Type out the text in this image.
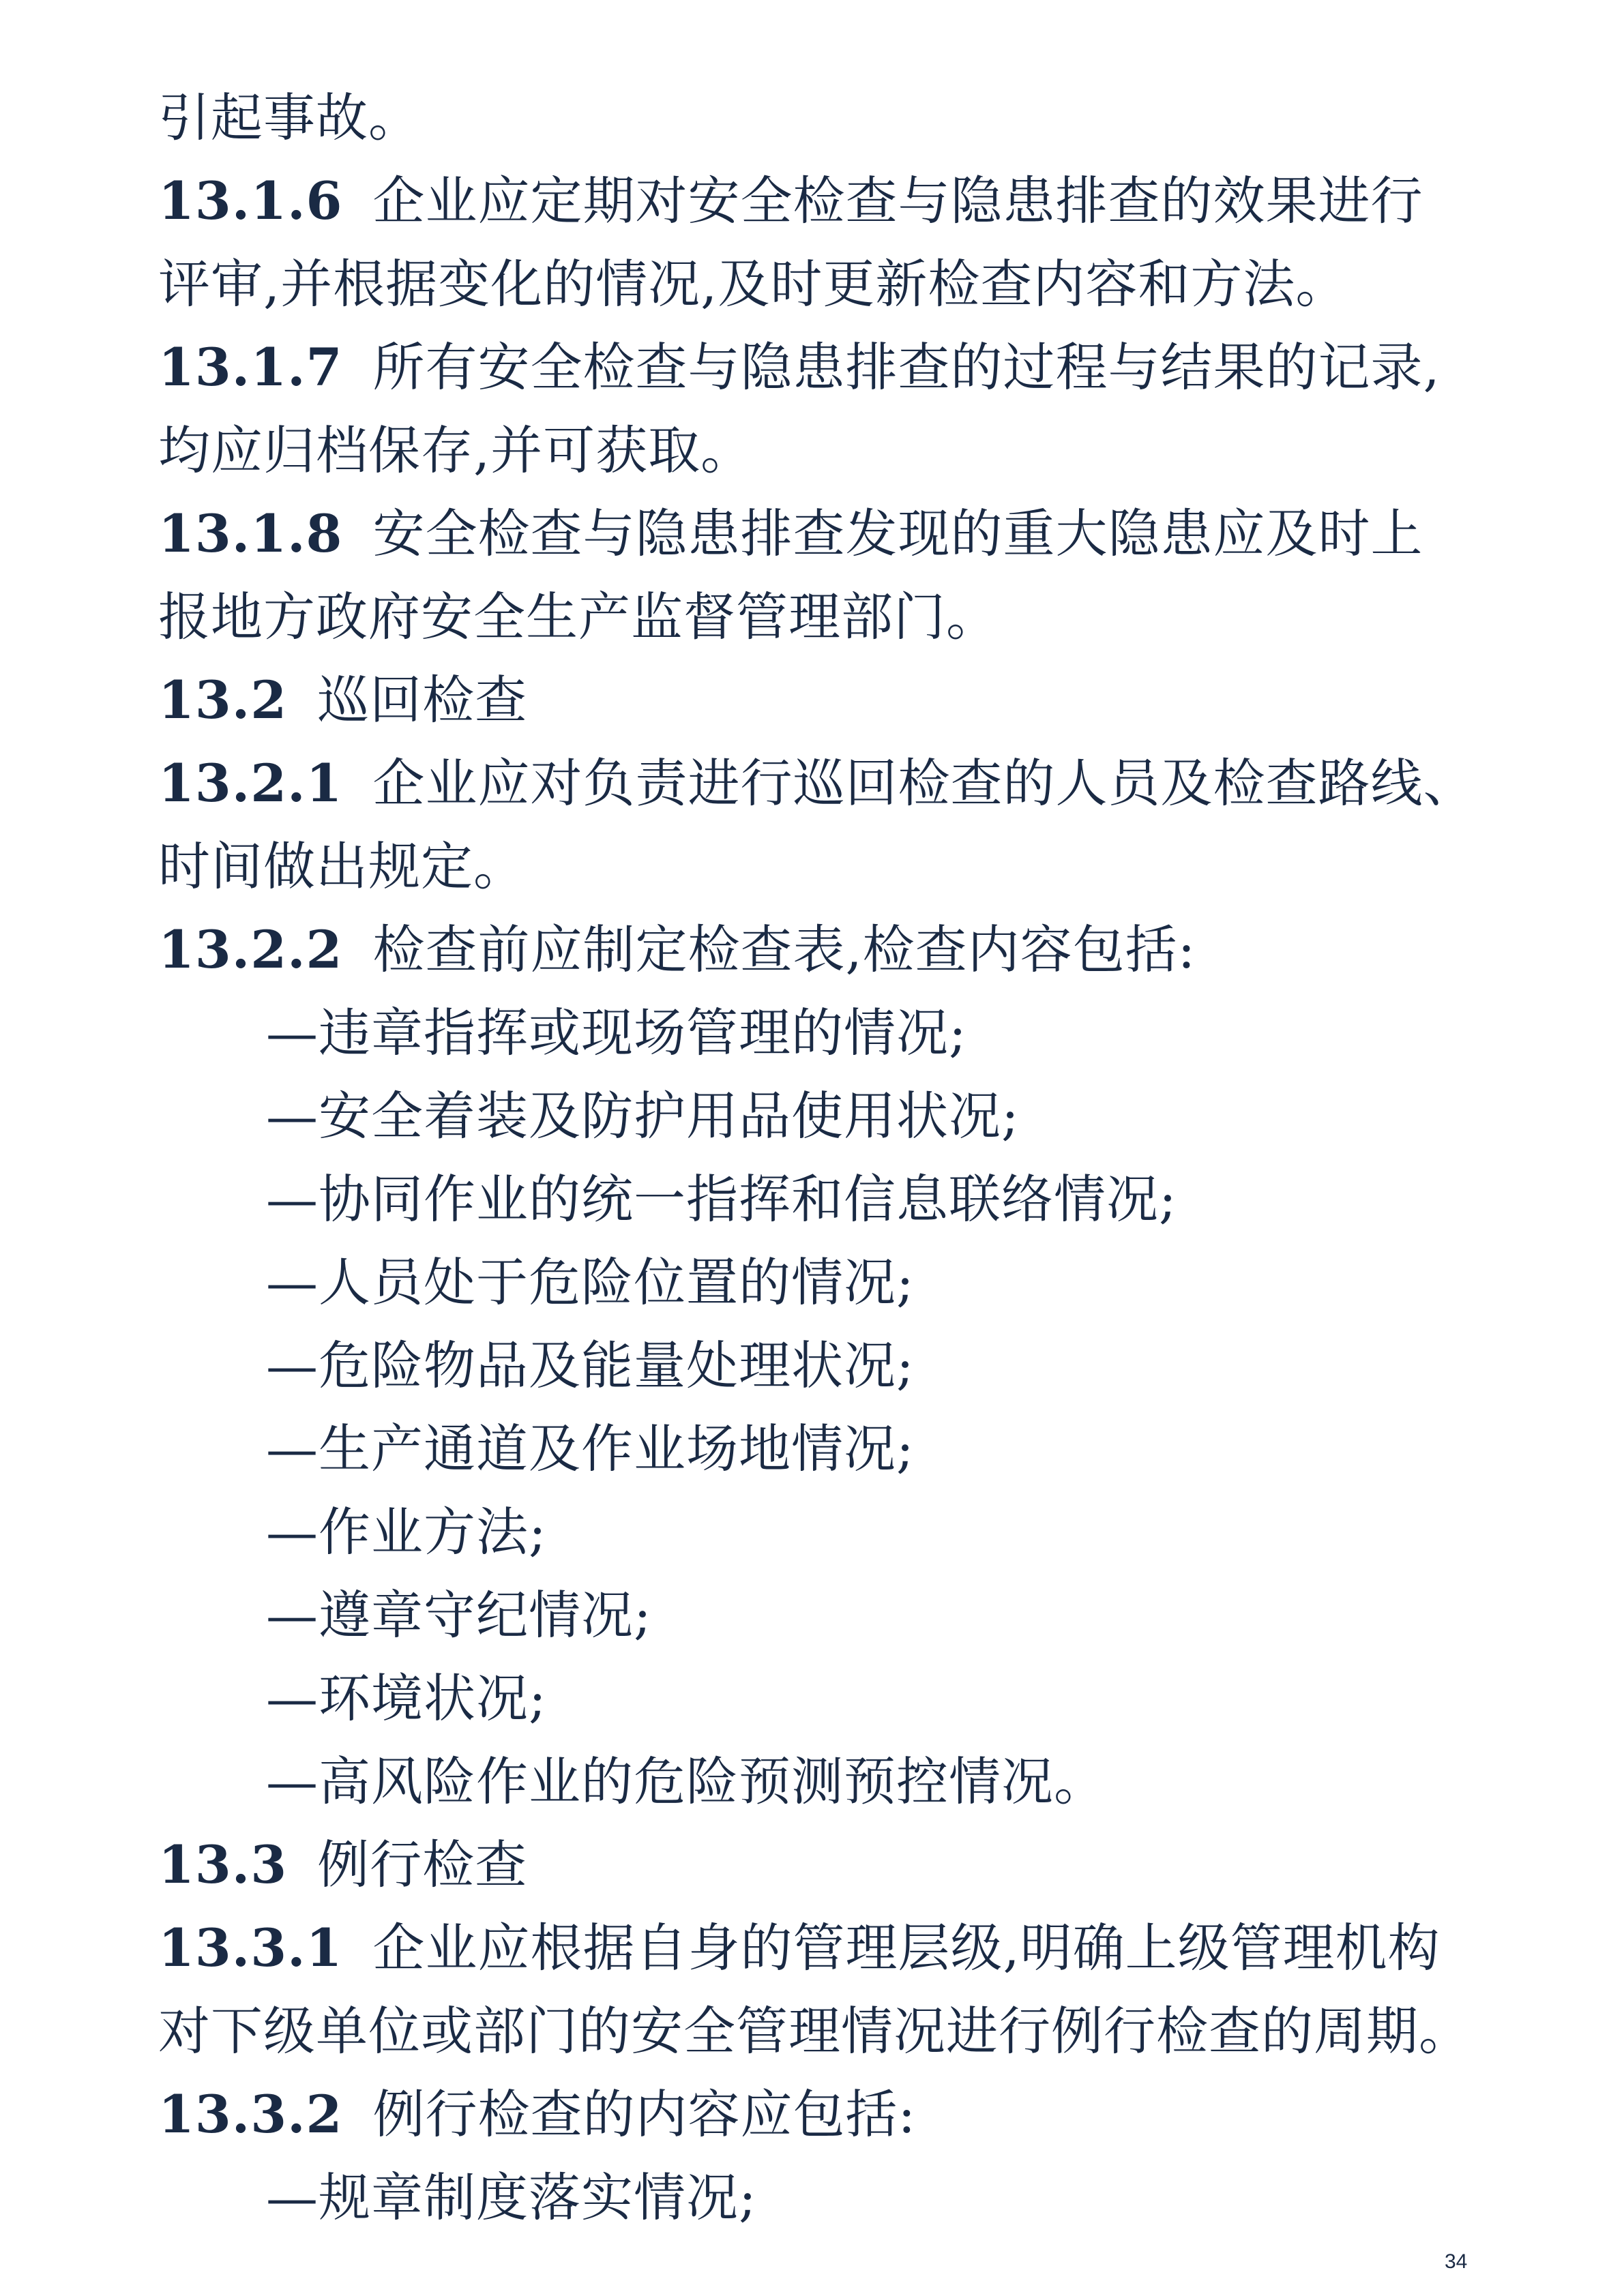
引起事故。
13.1.6 企业应定期对安全检查与隐患排查的效果进行
评审,并根据变化的情况,及时更新检查内容和方法。
13.1.7 所有安全检查与隐患排查的过程与结果的记录,
均应归档保存,并可获取。
13.1.8 安全检查与隐患排查发现的重大隐患应及时上
报地方政府安全生产监督管理部门。
13.2 巡回检查
13.2.1 企业应对负责进行巡回检查的人员及检查路线、
时间做出规定。
13.2.2 检查前应制定检查表,检查内容包括:
—违章指挥或现场管理的情况;
—安全着装及防护用品使用状况;
—协同作业的统一指挥和信息联络情况;
—人员处于危险位置的情况;
—危险物品及能量处理状况;
—生产通道及作业场地情况;
—作业方法;
—遵章守纪情况;
—环境状况;
—高风险作业的危险预测预控情况。
13.3 例行检查
13.3.1 企业应根据自身的管理层级,明确上级管理机构
对下级单位或部门的安全管理情况进行例行检查的周期。
13.3.2 例行检查的内容应包括:
—规章制度落实情况;
34
